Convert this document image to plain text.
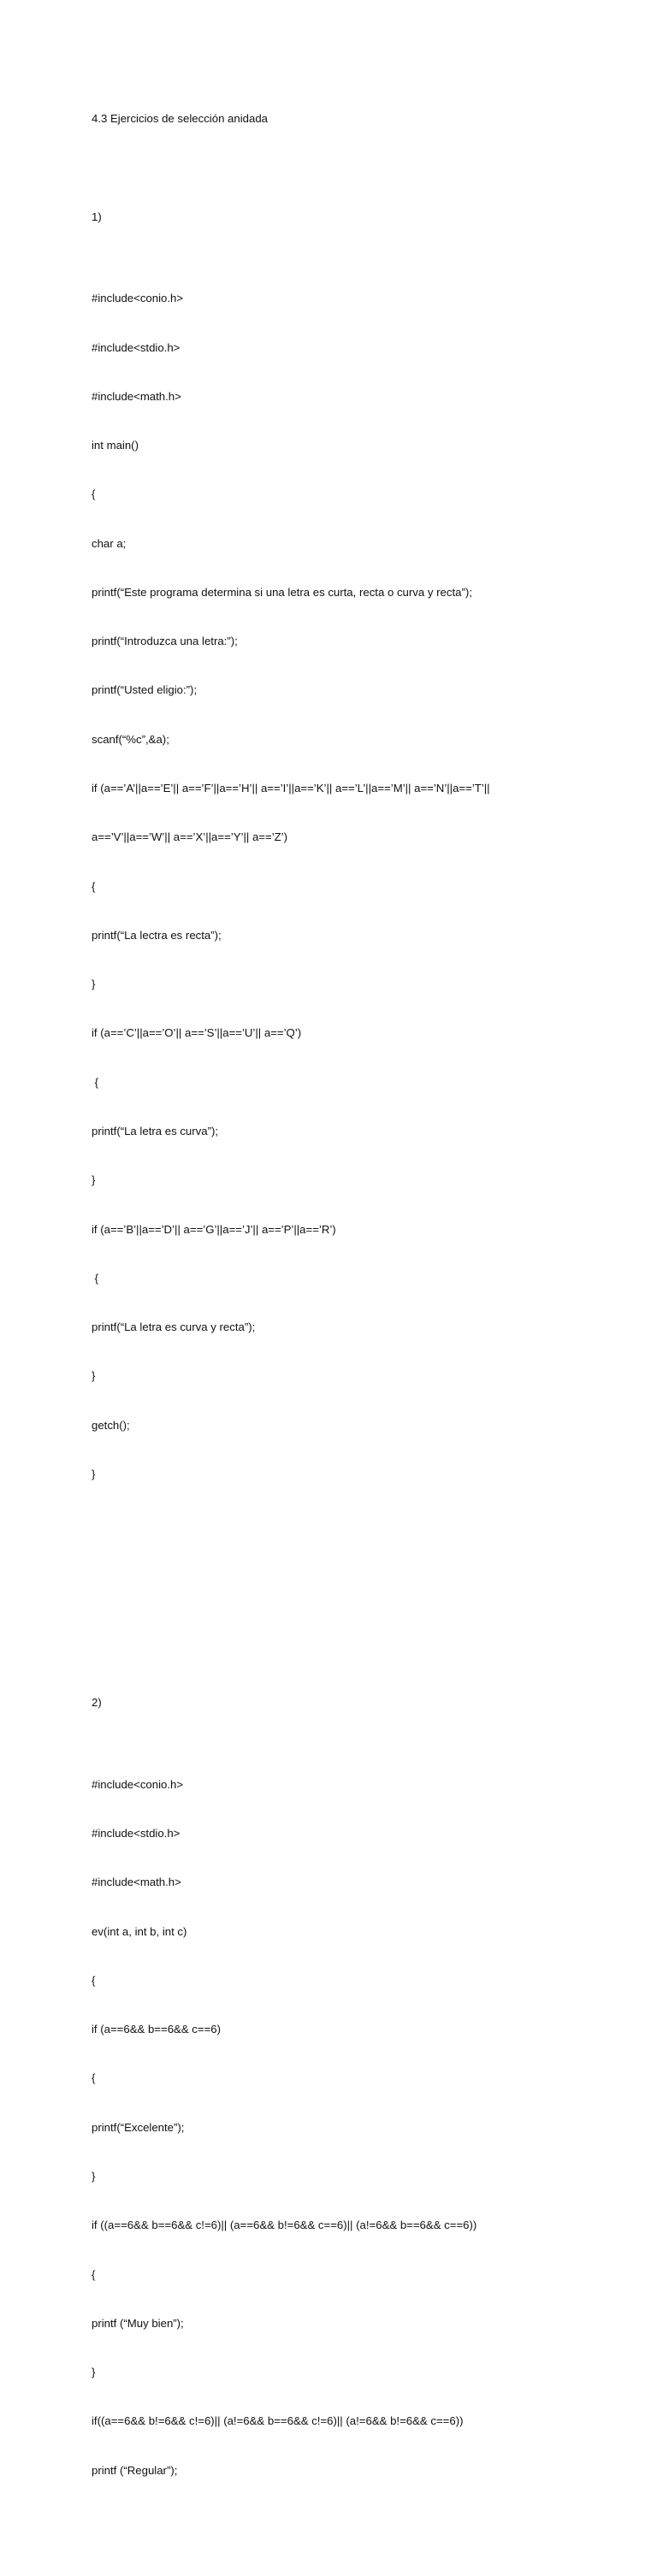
4.3 Ejercicios de selección anidada

1)

#include<conio.h>

#include<stdio.h>

#include<math.h>

int main()

{

char a;

printf(“Este programa determina si una letra es curta, recta o curva y recta”);

printf(“Introduzca una letra:”);

printf(“Usted eligio:”);

scanf(“%c”,&a);

if (a==’A’||a==’E’|| a==’F’||a==’H’|| a==’I’||a==’K’|| a==’L’||a==’M’|| a==’N’||a==’T’||

a==’V’||a==’W’|| a==’X’||a==’Y’|| a==’Z’)

{

printf(“La lectra es recta”);

}

if (a==’C’||a==’O’|| a==’S’||a==’U’|| a==’Q’)

{

printf(“La letra es curva”);

}

if (a==’B’||a==’D’|| a==’G’||a==’J’|| a==’P’||a==’R’)

{

printf(“La letra es curva y recta”);

}

getch();

}

2)

#include<conio.h>

#include<stdio.h>

#include<math.h>

ev(int a, int b, int c)

{

if (a==6&& b==6&& c==6)

{

printf(“Excelente”);

}

if ((a==6&& b==6&& c!=6)|| (a==6&& b!=6&& c==6)|| (a!=6&& b==6&& c==6))

{

printf (“Muy bien”);

}

if((a==6&& b!=6&& c!=6)|| (a!=6&& b==6&& c!=6)|| (a!=6&& b!=6&& c==6))

printf (“Regular”);
